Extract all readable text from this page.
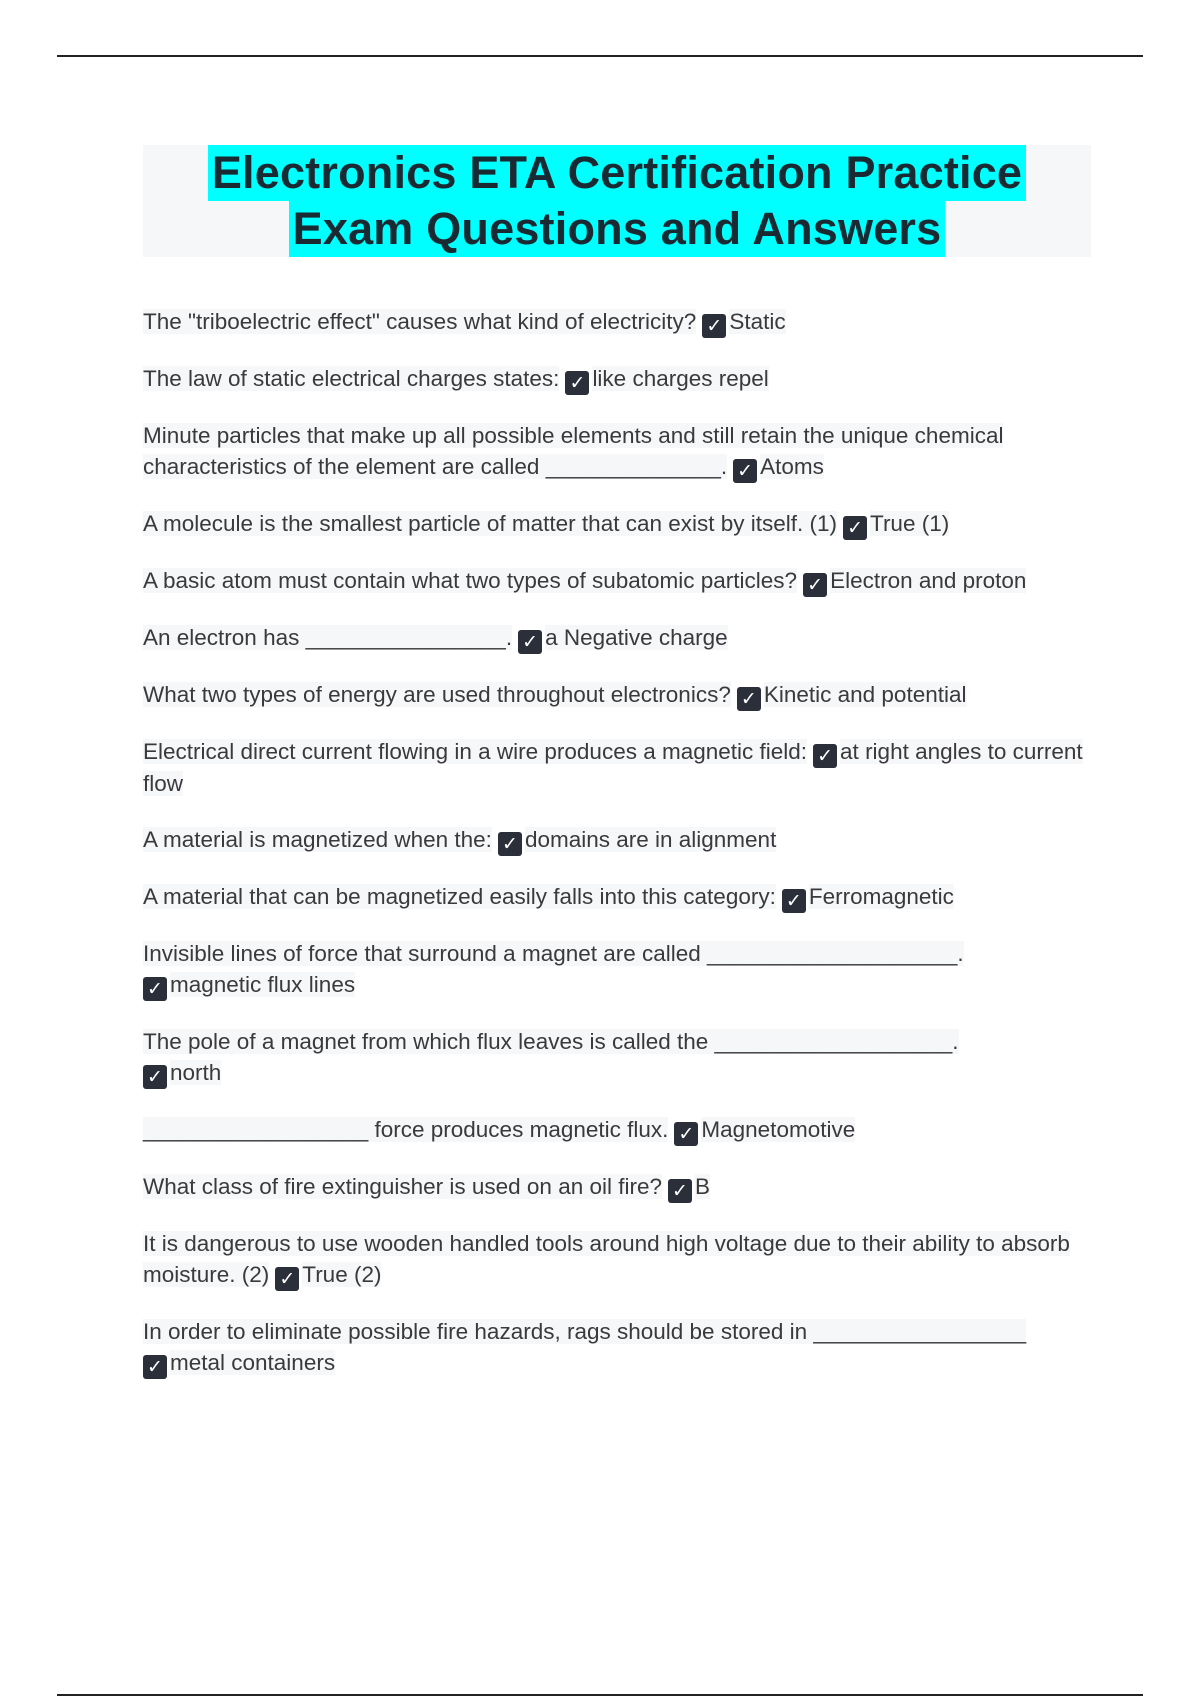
Electronics ETA Certification Practice
Exam Questions and Answers
The "triboelectric effect" causes what kind of electricity? ✓ Static
The law of static electrical charges states: ✓ like charges repel
Minute particles that make up all possible elements and still retain the unique chemical characteristics of the element are called ______________. ✓ Atoms
A molecule is the smallest particle of matter that can exist by itself. (1) ✓ True (1)
A basic atom must contain what two types of subatomic particles? ✓ Electron and proton
An electron has ________________. ✓ a Negative charge
What two types of energy are used throughout electronics? ✓ Kinetic and potential
Electrical direct current flowing in a wire produces a magnetic field: ✓ at right angles to current flow
A material is magnetized when the: ✓ domains are in alignment
A material that can be magnetized easily falls into this category: ✓ Ferromagnetic
Invisible lines of force that surround a magnet are called ____________________.
✓ magnetic flux lines
The pole of a magnet from which flux leaves is called the ___________________.
✓ north
__________________ force produces magnetic flux. ✓ Magnetomotive
What class of fire extinguisher is used on an oil fire? ✓ B
It is dangerous to use wooden handled tools around high voltage due to their ability to absorb moisture. (2) ✓ True (2)
In order to eliminate possible fire hazards, rags should be stored in _________________
✓ metal containers
